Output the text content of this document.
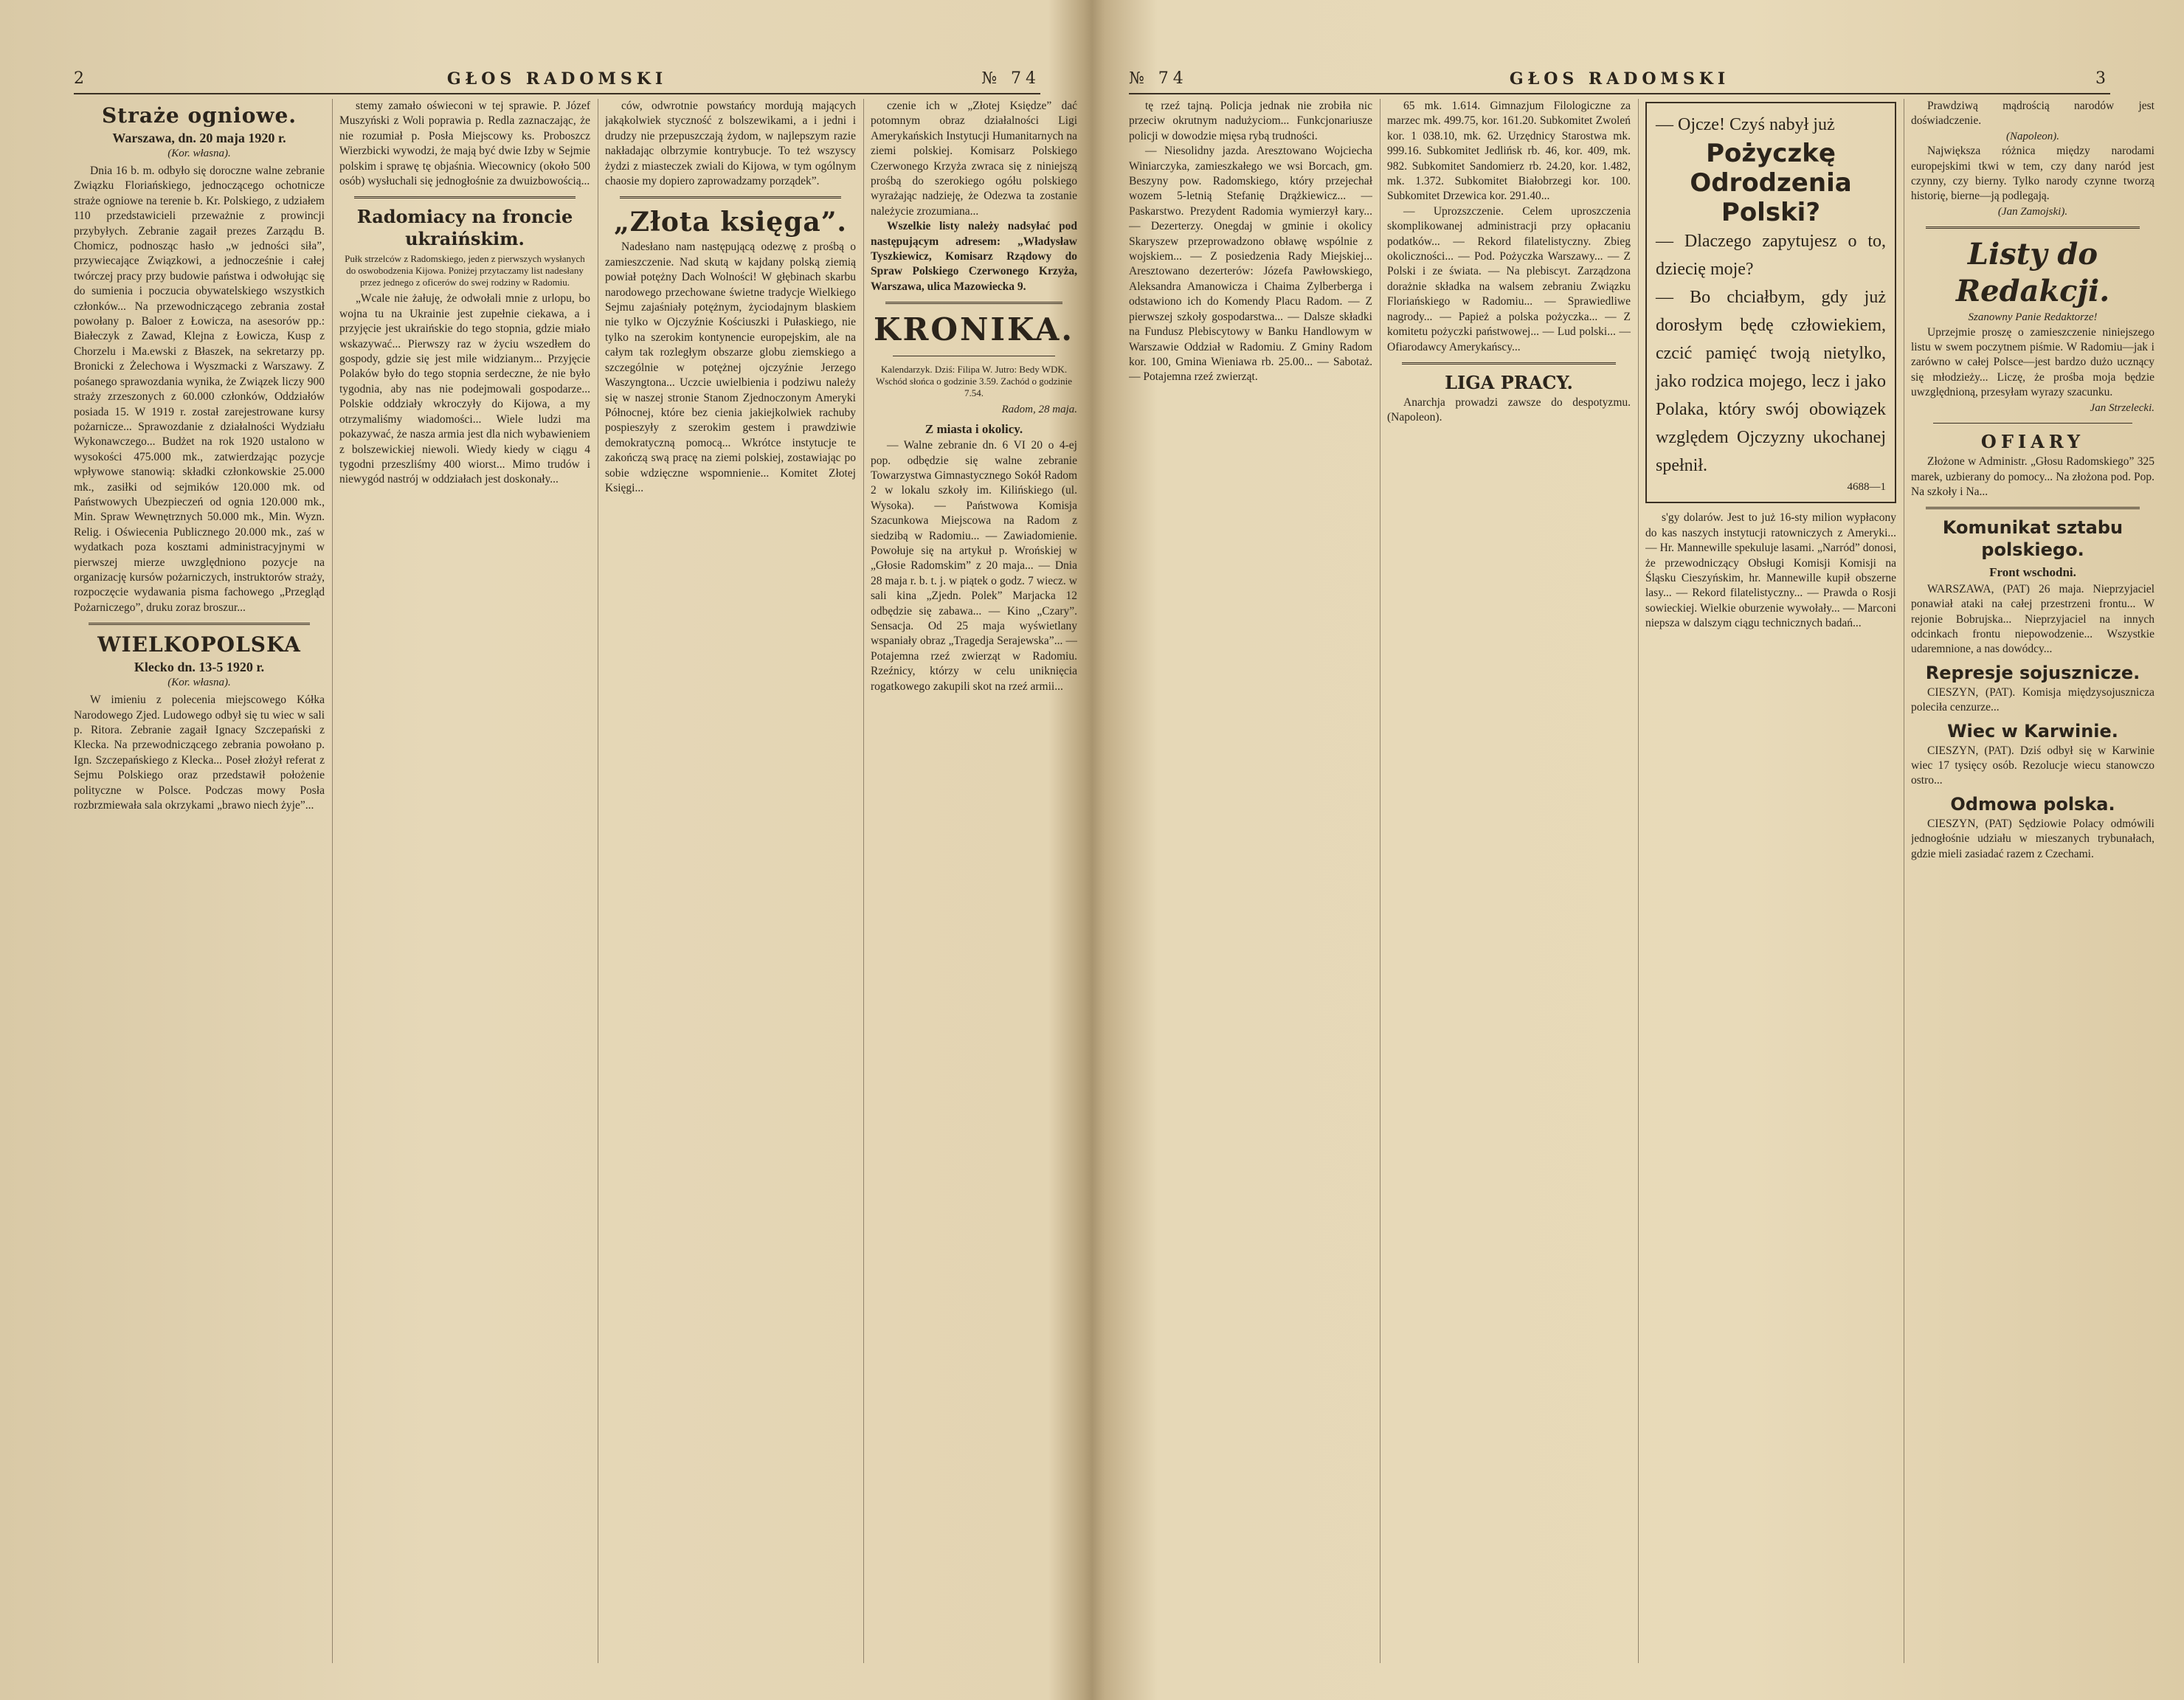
2	GŁOS RADOMSKI	№ 74
Straże ogniowe.
Warszawa, dn. 20 maja 1920 r.
(Kor. własna).

Dnia 16 b. m. odbyło się doroczne walne zebranie Związku Floriańskiego, jednoczącego ochotnicze straże ogniowe na terenie b. Kr. Polskiego, z udziałem 110 przedstawicieli przeważnie z prowincji przybyłych. Zebranie zagaił prezes Zarządu B. Chomicz, podnosząc hasło „w jedności siła”, przywiecające Związkowi, a jednocześnie i całej twórczej pracy przy budowie państwa i odwołując się do sumienia i poczucia obywatelskiego wszystkich członków... Na przewodniczącego zebrania został powołany p. Baloer z Łowicza, na asesorów pp.: Białeczyk z Zawad, Klejna z Łowicza, Kusp z Chorzelu i Ma.ewski z Błaszek, na sekretarzy pp. Bronicki z Żelechowa i Wyszmacki z Warszawy. Z pośanego sprawozdania wynika, że Związek liczy 900 straży zrzeszonych z 60.000 członków, Oddziałów posiada 15. W 1919 r. został zarejestrowane kursy pożarnicze... Sprawozdanie z działalności Wydziału Wykonawczego... Budżet na rok 1920 ustalono w wysokości 475.000 mk., zatwierdzając pozycje wpływowe stanowią: składki członkowskie 25.000 mk., zasiłki od sejmików 120.000 mk. od Państwowych Ubezpieczeń od ognia 120.000 mk., Min. Spraw Wewnętrznych 50.000 mk., Min. Wyzn. Relig. i Oświecenia Publicznego 20.000 mk., zaś w wydatkach poza kosztami administracyjnymi w pierwszej mierze uwzględniono pozycje na organizację kursów pożarniczych, instruktorów straży, rozpoczęcie wydawania pisma fachowego „Przegląd Pożarniczego”, druku zoraz broszur...

WIELKOPOLSKA
Klecko dn. 13-5 1920 r.
(Kor. własna).

W imieniu z polecenia miejscowego Kółka Narodowego Zjed. Ludowego odbył się tu wiec w sali p. Ritora. Zebranie zagaił Ignacy Szczepański z Klecka. Na przewodniczącego zebrania powołano p. Ign. Szczepańskiego z Klecka... Poseł złożył referat z Sejmu Polskiego oraz przedstawił położenie polityczne w Polsce. Podczas mowy Posła rozbrzmiewała sala okrzykami „brawo niech żyje”...

stemy zamało oświeconi w tej sprawie. P. Józef Muszyński z Woli poprawia p. Redla zaznaczając, że nie rozumiał p. Posła Miejscowy ks. Proboszcz Wierzbicki wywodzi, że mają być dwie Izby w Sejmie polskim i sprawę tę objaśnia. Wiecownicy (około 500 osób) wysłuchali się jednogłośnie za dwuizbowością...

Radomiacy na froncie ukraińskim.
Pułk strzelców z Radomskiego, jeden z pierwszych wysłanych do oswobodzenia Kijowa. Poniżej przytaczamy list nadesłany przez jednego z oficerów do swej rodziny w Radomiu.

„Wcale nie żałuję, że odwołali mnie z urlopu, bo wojna tu na Ukrainie jest zupełnie ciekawa, a i przyjęcie jest ukraińskie do tego stopnia, gdzie miało wskazywać... Pierwszy raz w życiu wszedłem do gospody, gdzie się jest mile widzianym... Przyjęcie Polaków było do tego stopnia serdeczne, że nie było tygodnia, aby nas nie podejmowali gospodarze... Polskie oddziały wkroczyły do Kijowa, a my otrzymaliśmy wiadomości... Wiele ludzi ma pokazywać, że nasza armia jest dla nich wybawieniem z bolszewickiej niewoli. Wiedy kiedy w ciągu 4 tygodni przeszliśmy 400 wiorst... Mimo trudów i niewygód nastrój w oddziałach jest doskonały...

ców, odwrotnie powstańcy mordują mających jakąkolwiek styczność z bolszewikami, a i jedni i drudzy nie przepuszczają żydom, w najlepszym razie nakładając olbrzymie kontrybucje. To też wszyscy żydzi z miasteczek zwiali do Kijowa, w tym ogólnym chaosie my dopiero zaprowadzamy porządek”.

„Złota księga”.

Nadesłano nam następującą odezwę z prośbą o zamieszczenie. Nad skutą w kajdany polską ziemią powiał potężny Dach Wolności! W głębinach skarbu narodowego przechowane świetne tradycje Wielkiego Sejmu zajaśniały potężnym, życiodajnym blaskiem nie tylko w Ojczyźnie Kościuszki i Pułaskiego, nie tylko na szerokim kontynencie europejskim, ale na całym tak rozległym obszarze globu ziemskiego a szczególnie w potężnej ojczyźnie Jerzego Waszyngtona... Uczcie uwielbienia i podziwu należy się w naszej stronie Stanom Zjednoczonym Ameryki Północnej, które bez cienia jakiejkolwiek rachuby pospieszyły z szerokim gestem i prawdziwie demokratyczną pomocą... Wkrótce instytucje te zakończą swą pracę na ziemi polskiej, zostawiając po sobie wdzięczne wspomnienie... Komitet Złotej Księgi...

czenie ich w „Złotej Księdze” dać potomnym obraz działalności Ligi Amerykańskich Instytucji Humanitarnych na ziemi polskiej. Komisarz Polskiego Czerwonego Krzyża zwraca się z niniejszą prośbą do szerokiego ogółu polskiego wyrażając nadzieję, że Odezwa ta zostanie należycie zrozumiana...

Wszelkie listy należy nadsyłać pod następującym adresem: „Władysław Tyszkiewicz, Komisarz Rządowy do Spraw Polskiego Czerwonego Krzyża, Warszawa, ulica Mazowiecka 9.

KRONIKA.
Kalendarzyk. Dziś: Filipa W. Jutro: Bedy WDK. Wschód słońca o godzinie 3.59. Zachód o godzinie 7.54.
Radom, 28 maja.
Z miasta i okolicy.

— Walne zebranie dn. 6 VI 20 o 4-ej pop. odbędzie się walne zebranie Towarzystwa Gimnastycznego Sokół Radom 2 w lokalu szkoły im. Kilińskiego (ul. Wysoka). — Państwowa Komisja Szacunkowa Miejscowa na Radom z siedzibą w Radomiu... — Zawiadomienie. Powołuje się na artykuł p. Wrońskiej w „Głosie Radomskim” z 20 maja... — Dnia 28 maja r. b. t. j. w piątek o godz. 7 wiecz. w sali kina „Zjedn. Polek” Marjacka 12 odbędzie się zabawa... — Kino „Czary”. Sensacja. Od 25 maja wyświetlany wspaniały obraz „Tragedja Serajewska”... — Potajemna rzeź zwierząt w Radomiu. Rzeźnicy, którzy w celu uniknięcia rogatkowego zakupili skot na rzeź armii...

№ 74	GŁOS RADOMSKI	3

tę rzeź tajną. Policja jednak nie zrobiła nic przeciw okrutnym nadużyciom... Funkcjonariusze policji w dowodzie mięsa rybą trudności.

— Niesolidny jazda. Aresztowano Wojciecha Winiarczyka, zamieszkałego we wsi Borcach, gm. Beszyny pow. Radomskiego, który przejechał wozem 5-letnią Stefanię Drążkiewicz... — Paskarstwo. Prezydent Radomia wymierzył kary... — Dezerterzy. Onegdaj w gminie i okolicy Skaryszew przeprowadzono obławę wspólnie z wojskiem... — Z posiedzenia Rady Miejskiej... Aresztowano dezerterów: Józefa Pawłowskiego, Aleksandra Amanowicza i Chaima Zylberberga i odstawiono ich do Komendy Placu Radom. — Z pierwszej szkoły gospodarstwa... — Dalsze składki na Fundusz Plebiscytowy w Banku Handlowym w Warszawie Oddział w Radomiu. Z Gminy Radom kor. 100, Gmina Wieniawa rb. 25.00... — Sabotaż. — Potajemna rzeź zwierząt.

65 mk. 1.614. Gimnazjum Filologiczne za marzec mk. 499.75, kor. 161.20. Subkomitet Zwoleń kor. 1 038.10, mk. 62. Urzędnicy Starostwa mk. 999.16. Subkomitet Jedlińsk rb. 46, kor. 409, mk. 982. Subkomitet Sandomierz rb. 24.20, kor. 1.482, mk. 1.372. Subkomitet Białobrzegi kor. 100. Subkomitet Drzewica kor. 291.40...

— Uprozszczenie. Celem uproszczenia skomplikowanej administracji przy opłacaniu podatków... — Rekord filatelistyczny. Zbieg okoliczności... — Pod. Pożyczka Warszawy... — Z Polski i ze świata. — Na plebiscyt. Zarządzona dorażnie składka na walsem zebraniu Związku Floriańskiego w Radomiu... — Sprawiedliwe nagrody... — Papież a polska pożyczka... — Z komitetu pożyczki państwowej... — Lud polski... — Ofiarodawcy Amerykańscy...

LIGA PRACY.

Anarchja prowadzi zawsze do despotyzmu. (Napoleon).

— Ojcze! Czyś nabył już
Pożyczkę Odrodzenia Polski?
— Dlaczego zapytujesz o to, dziecię moje?
— Bo chciałbym, gdy już dorosłym będę człowiekiem, czcić pamięć twoją nietylko, jako rodzica mojego, lecz i jako Polaka, który swój obowiązek względem Ojczyzny ukochanej spełnił.
4688—1

s'gy dolarów. Jest to już 16-sty milion wypłacony do kas naszych instytucji ratowniczych z Ameryki... — Hr. Mannewille spekuluje lasami. „Narród” donosi, że przewodniczący Obsługi Komisji Komisji na Śląsku Cieszyńskim, hr. Mannewille kupił obszerne lasy... — Rekord filatelistyczny... — Prawda o Rosji sowieckiej. Wielkie oburzenie wywołały... — Marconi niepsza w dalszym ciągu technicznych badań...

Prawdziwą mądrością narodów jest doświadczenie.

(Napoleon).

Największa różnica między narodami europejskimi tkwi w tem, czy dany naród jest czynny, czy bierny. Tylko narody czynne tworzą historię, bierne—ją podlegają.

(Jan Zamojski).
Listy do Redakcji.
Szanowny Panie Redaktorze!

Uprzejmie proszę o zamieszczenie niniejszego listu w swem poczytnem piśmie. W Radomiu—jak i zarówno w całej Polsce—jest bardzo dużo ucznący się młodzieży... Liczę, że prośba moja będzie uwzględnioną, przesyłam wyrazy szacunku.

Jan Strzelecki.
OFIARY

Złożone w Administr. „Głosu Radomskiego” 325 marek, uzbierany do pomocy... Na złożona pod. Pop. Na szkoły i Na...

Komunikat sztabu polskiego.
Front wschodni.

WARSZAWA, (PAT) 26 maja. Nieprzyjaciel ponawiał ataki na całej przestrzeni frontu... W rejonie Bobrujska... Nieprzyjaciel na innych odcinkach frontu niepowodzenie... Wszystkie udaremnione, a nas dowódcy...

Represje sojusznicze.

CIESZYN, (PAT). Komisja międzysojusznicza poleciła cenzurze...

Wiec w Karwinie.

CIESZYN, (PAT). Dziś odbył się w Karwinie wiec 17 tysięcy osób. Rezolucje wiecu stanowczo ostro...

Odmowa polska.

CIESZYN, (PAT) Sędziowie Polacy odmówili jednogłośnie udziału w mieszanych trybunałach, gdzie mieli zasiadać razem z Czechami.
